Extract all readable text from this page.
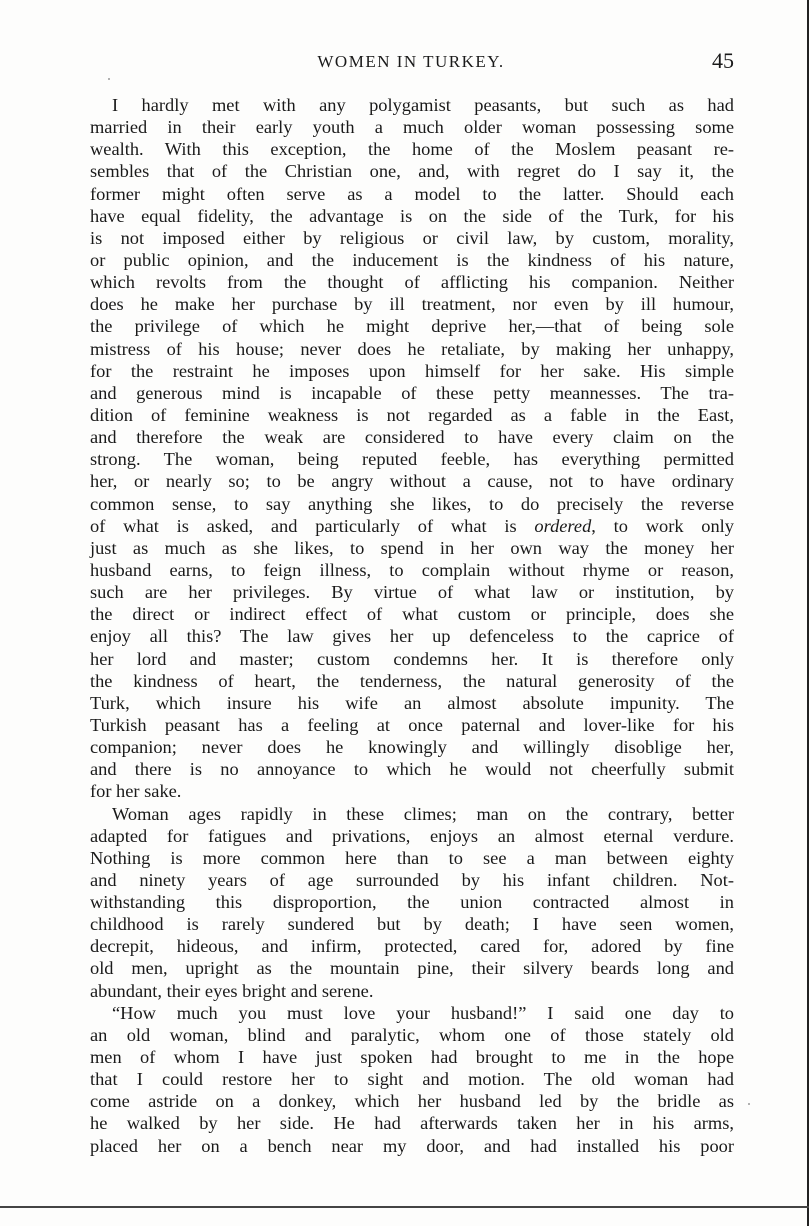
WOMEN IN TURKEY.	45
I hardly met with any polygamist peasants, but such as had
married in their early youth a much older woman possessing some
wealth. With this exception, the home of the Moslem peasant re-
sembles that of the Christian one, and, with regret do I say it, the
former might often serve as a model to the latter. Should each
have equal fidelity, the advantage is on the side of the Turk, for his
is not imposed either by religious or civil law, by custom, morality,
or public opinion, and the inducement is the kindness of his nature,
which revolts from the thought of afflicting his companion. Neither
does he make her purchase by ill treatment, nor even by ill humour,
the privilege of which he might deprive her,—that of being sole
mistress of his house; never does he retaliate, by making her unhappy,
for the restraint he imposes upon himself for her sake. His simple
and generous mind is incapable of these petty meannesses. The tra-
dition of feminine weakness is not regarded as a fable in the East,
and therefore the weak are considered to have every claim on the
strong. The woman, being reputed feeble, has everything permitted
her, or nearly so; to be angry without a cause, not to have ordinary
common sense, to say anything she likes, to do precisely the reverse
of what is asked, and particularly of what is ordered, to work only
just as much as she likes, to spend in her own way the money her
husband earns, to feign illness, to complain without rhyme or reason,
such are her privileges. By virtue of what law or institution, by
the direct or indirect effect of what custom or principle, does she
enjoy all this? The law gives her up defenceless to the caprice of
her lord and master; custom condemns her. It is therefore only
the kindness of heart, the tenderness, the natural generosity of the
Turk, which insure his wife an almost absolute impunity. The
Turkish peasant has a feeling at once paternal and lover-like for his
companion; never does he knowingly and willingly disoblige her,
and there is no annoyance to which he would not cheerfully submit
for her sake.
Woman ages rapidly in these climes; man on the contrary, better
adapted for fatigues and privations, enjoys an almost eternal verdure.
Nothing is more common here than to see a man between eighty
and ninety years of age surrounded by his infant children. Not-
withstanding this disproportion, the union contracted almost in
childhood is rarely sundered but by death; I have seen women,
decrepit, hideous, and infirm, protected, cared for, adored by fine
old men, upright as the mountain pine, their silvery beards long and
abundant, their eyes bright and serene.
“How much you must love your husband!” I said one day to
an old woman, blind and paralytic, whom one of those stately old
men of whom I have just spoken had brought to me in the hope
that I could restore her to sight and motion. The old woman had
come astride on a donkey, which her husband led by the bridle as
he walked by her side. He had afterwards taken her in his arms,
placed her on a bench near my door, and had installed his poor
